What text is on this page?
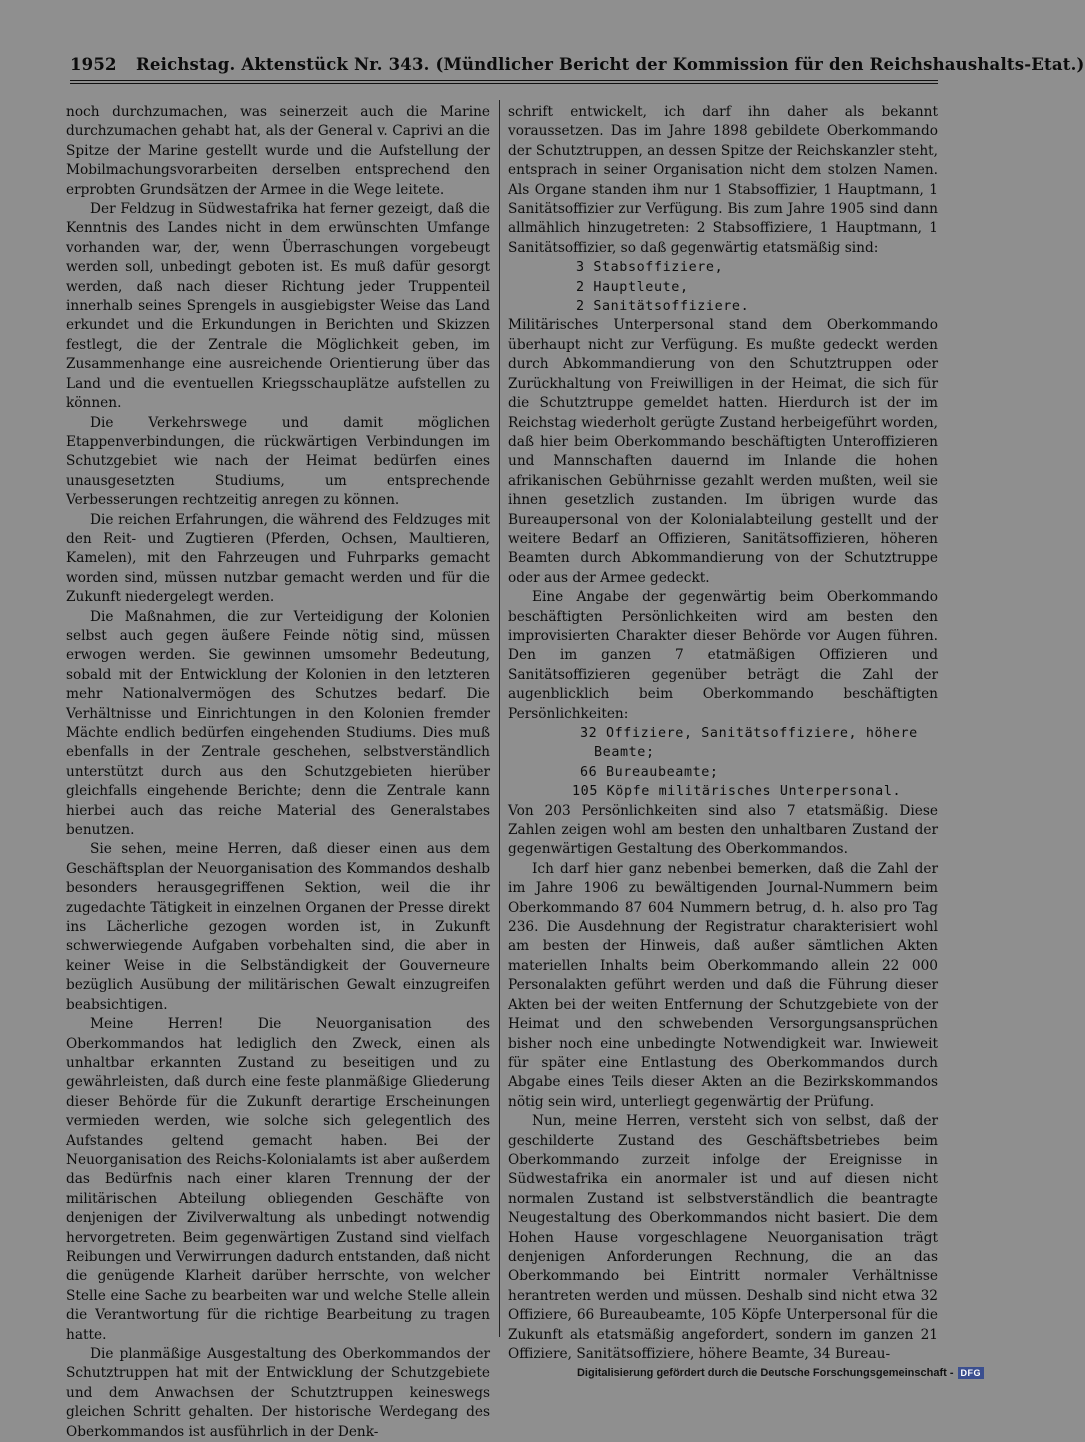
1952 Reichstag. Aktenstück Nr. 343. (Mündlicher Bericht der Kommission für den Reichshaushalts-Etat.)

noch durchzumachen, was seinerzeit auch die Marine durchzumachen gehabt hat, als der General v. Caprivi an die Spitze der Marine gestellt wurde und die Aufstellung der Mobilmachungsvorarbeiten derselben entsprechend den erprobten Grundsätzen der Armee in die Wege leitete.

Der Feldzug in Südwestafrika hat ferner gezeigt, daß die Kenntnis des Landes nicht in dem erwünschten Umfange vorhanden war, der, wenn Überraschungen vorgebeugt werden soll, unbedingt geboten ist. Es muß dafür gesorgt werden, daß nach dieser Richtung jeder Truppenteil innerhalb seines Sprengels in ausgiebigster Weise das Land erkundet und die Erkundungen in Berichten und Skizzen festlegt, die der Zentrale die Möglichkeit geben, im Zusammenhange eine ausreichende Orientierung über das Land und die eventuellen Kriegsschauplätze aufstellen zu können.

Die Verkehrswege und damit möglichen Etappenverbindungen, die rückwärtigen Verbindungen im Schutzgebiet wie nach der Heimat bedürfen eines unausgesetzten Studiums, um entsprechende Verbesserungen rechtzeitig anregen zu können.

Die reichen Erfahrungen, die während des Feldzuges mit den Reit- und Zugtieren (Pferden, Ochsen, Maultieren, Kamelen), mit den Fahrzeugen und Fuhrparks gemacht worden sind, müssen nutzbar gemacht werden und für die Zukunft niedergelegt werden.

Die Maßnahmen, die zur Verteidigung der Kolonien selbst auch gegen äußere Feinde nötig sind, müssen erwogen werden. Sie gewinnen umsomehr Bedeutung, sobald mit der Entwicklung der Kolonien in den letzteren mehr Nationalvermögen des Schutzes bedarf. Die Verhältnisse und Einrichtungen in den Kolonien fremder Mächte endlich bedürfen eingehenden Studiums. Dies muß ebenfalls in der Zentrale geschehen, selbstverständlich unterstützt durch aus den Schutzgebieten hierüber gleichfalls eingehende Berichte; denn die Zentrale kann hierbei auch das reiche Material des Generalstabes benutzen.

Sie sehen, meine Herren, daß dieser einen aus dem Geschäftsplan der Neuorganisation des Kommandos deshalb besonders herausgegriffenen Sektion, weil die ihr zugedachte Tätigkeit in einzelnen Organen der Presse direkt ins Lächerliche gezogen worden ist, in Zukunft schwerwiegende Aufgaben vorbehalten sind, die aber in keiner Weise in die Selbständigkeit der Gouverneure bezüglich Ausübung der militärischen Gewalt einzugreifen beabsichtigen.

Meine Herren! Die Neuorganisation des Oberkommandos hat lediglich den Zweck, einen als unhaltbar erkannten Zustand zu beseitigen und zu gewährleisten, daß durch eine feste planmäßige Gliederung dieser Behörde für die Zukunft derartige Erscheinungen vermieden werden, wie solche sich gelegentlich des Aufstandes geltend gemacht haben. Bei der Neuorganisation des Reichs-Kolonialamts ist aber außerdem das Bedürfnis nach einer klaren Trennung der der militärischen Abteilung obliegenden Geschäfte von denjenigen der Zivilverwaltung als unbedingt notwendig hervorgetreten. Beim gegenwärtigen Zustand sind vielfach Reibungen und Verwirrungen dadurch entstanden, daß nicht die genügende Klarheit darüber herrschte, von welcher Stelle eine Sache zu bearbeiten war und welche Stelle allein die Verantwortung für die richtige Bearbeitung zu tragen hatte.

Die planmäßige Ausgestaltung des Oberkommandos der Schutztruppen hat mit der Entwicklung der Schutzgebiete und dem Anwachsen der Schutztruppen keineswegs gleichen Schritt gehalten. Der historische Werdegang des Oberkommandos ist ausführlich in der Denk-

schrift entwickelt, ich darf ihn daher als bekannt voraussetzen. Das im Jahre 1898 gebildete Oberkommando der Schutztruppen, an dessen Spitze der Reichskanzler steht, entsprach in seiner Organisation nicht dem stolzen Namen. Als Organe standen ihm nur 1 Stabsoffizier, 1 Hauptmann, 1 Sanitätsoffizier zur Verfügung. Bis zum Jahre 1905 sind dann allmählich hinzugetreten: 2 Stabsoffiziere, 1 Hauptmann, 1 Sanitätsoffizier, so daß gegenwärtig etatsmäßig sind:

3 Stabsoffiziere,
2 Hauptleute,
2 Sanitätsoffiziere.

Militärisches Unterpersonal stand dem Oberkommando überhaupt nicht zur Verfügung. Es mußte gedeckt werden durch Abkommandierung von den Schutztruppen oder Zurückhaltung von Freiwilligen in der Heimat, die sich für die Schutztruppe gemeldet hatten. Hierdurch ist der im Reichstag wiederholt gerügte Zustand herbeigeführt worden, daß hier beim Oberkommando beschäftigten Unteroffizieren und Mannschaften dauernd im Inlande die hohen afrikanischen Gebührnisse gezahlt werden mußten, weil sie ihnen gesetzlich zustanden. Im übrigen wurde das Bureaupersonal von der Kolonialabteilung gestellt und der weitere Bedarf an Offizieren, Sanitätsoffizieren, höheren Beamten durch Abkommandierung von der Schutztruppe oder aus der Armee gedeckt.

Eine Angabe der gegenwärtig beim Oberkommando beschäftigten Persönlichkeiten wird am besten den improvisierten Charakter dieser Behörde vor Augen führen. Den im ganzen 7 etatmäßigen Offizieren und Sanitätsoffizieren gegenüber beträgt die Zahl der augenblicklich beim Oberkommando beschäftigten Persönlichkeiten:

32 Offiziere, Sanitätsoffiziere, höhere
Beamte;
66 Bureaubeamte;
105 Köpfe militärisches Unterpersonal.

Von 203 Persönlichkeiten sind also 7 etatsmäßig. Diese Zahlen zeigen wohl am besten den unhaltbaren Zustand der gegenwärtigen Gestaltung des Oberkommandos.

Ich darf hier ganz nebenbei bemerken, daß die Zahl der im Jahre 1906 zu bewältigenden Journal-Nummern beim Oberkommando 87 604 Nummern betrug, d. h. also pro Tag 236. Die Ausdehnung der Registratur charakterisiert wohl am besten der Hinweis, daß außer sämtlichen Akten materiellen Inhalts beim Oberkommando allein 22 000 Personalakten geführt werden und daß die Führung dieser Akten bei der weiten Entfernung der Schutzgebiete von der Heimat und den schwebenden Versorgungsansprüchen bisher noch eine unbedingte Notwendigkeit war. Inwieweit für später eine Entlastung des Oberkommandos durch Abgabe eines Teils dieser Akten an die Bezirkskommandos nötig sein wird, unterliegt gegenwärtig der Prüfung.

Nun, meine Herren, versteht sich von selbst, daß der geschilderte Zustand des Geschäftsbetriebes beim Oberkommando zurzeit infolge der Ereignisse in Südwestafrika ein anormaler ist und auf diesen nicht normalen Zustand ist selbstverständlich die beantragte Neugestaltung des Oberkommandos nicht basiert. Die dem Hohen Hause vorgeschlagene Neuorganisation trägt denjenigen Anforderungen Rechnung, die an das Oberkommando bei Eintritt normaler Verhältnisse herantreten werden und müssen. Deshalb sind nicht etwa 32 Offiziere, 66 Bureaubeamte, 105 Köpfe Unterpersonal für die Zukunft als etatsmäßig angefordert, sondern im ganzen 21 Offiziere, Sanitätsoffiziere, höhere Beamte, 34 Bureau-

Digitalisierung gefördert durch die Deutsche Forschungsgemeinschaft - DFG
